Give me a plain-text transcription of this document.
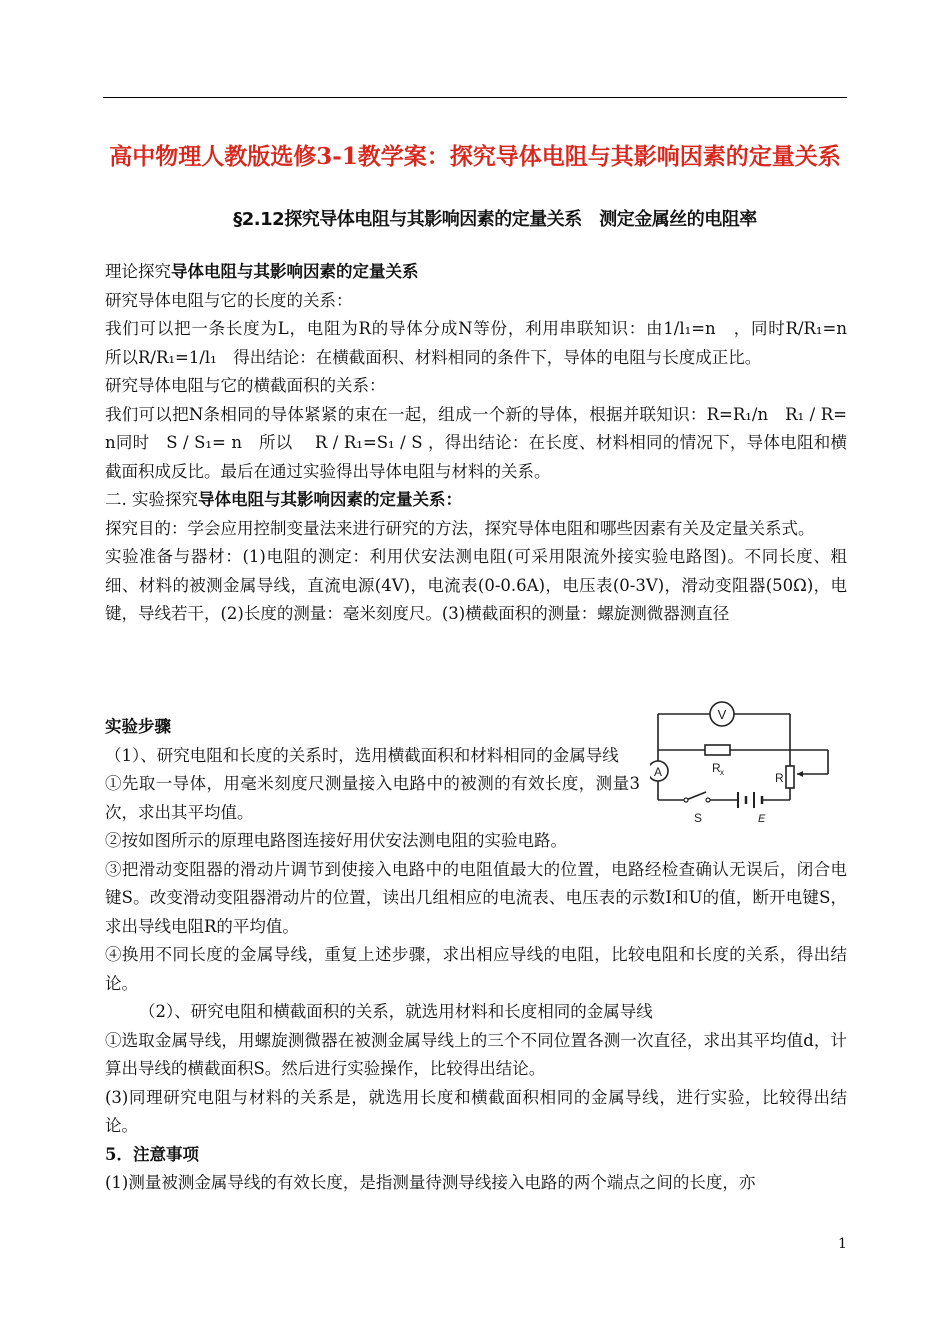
高中物理人教版选修3-1教学案：探究导体电阻与其影响因素的定量关系
§2.12探究导体电阻与其影响因素的定量关系　测定金属丝的电阻率

理论探究导体电阻与其影响因素的定量关系

研究导体电阻与它的长度的关系：

我们可以把一条长度为L，电阻为R的导体分成N等份，利用串联知识：由1/l₁=n　，同时R/R₁=n　 所以R/R₁=1/l₁　得出结论：在横截面积、材料相同的条件下，导体的电阻与长度成正比。

研究导体电阻与它的横截面积的关系：

我们可以把N条相同的导体紧紧的束在一起，组成一个新的导体，根据并联知识：R=R₁/n　R₁ / R= n同时　S / S₁= n　所以　 R / R₁=S₁ / S ，得出结论：在长度、材料相同的情况下，导体电阻和横截面积成反比。最后在通过实验得出导体电阻与材料的关系。

二. 实验探究导体电阻与其影响因素的定量关系：

探究目的：学会应用控制变量法来进行研究的方法，探究导体电阻和哪些因素有关及定量关系式。

实验准备与器材：(1)电阻的测定：利用伏安法测电阻(可采用限流外接实验电路图)。不同长度、粗细、材料的被测金属导线，直流电源(4V)，电流表(0-0.6A)，电压表(0-3V)，滑动变阻器(50Ω)，电键，导线若干，(2)长度的测量：毫米刻度尺。(3)横截面积的测量：螺旋测微器测直径

实验步骤

（1）、研究电阻和长度的关系时，选用横截面积和材料相同的金属导线

①先取一导体，用毫米刻度尺测量接入电路中的被测的有效长度，测量3次，求出其平均值。

②按如图所示的原理电路图连接好用伏安法测电阻的实验电路。

③把滑动变阻器的滑动片调节到使接入电路中的电阻值最大的位置，电路经检查确认无误后，闭合电键S。改变滑动变阻器滑动片的位置，读出几组相应的电流表、电压表的示数I和U的值，断开电键S，求出导线电阻R的平均值。

④换用不同长度的金属导线，重复上述步骤，求出相应导线的电阻，比较电阻和长度的关系，得出结论。

（2）、研究电阻和横截面积的关系，就选用材料和长度相同的金属导线

①选取金属导线，用螺旋测微器在被测金属导线上的三个不同位置各测一次直径，求出其平均值d，计算出导线的横截面积S。然后进行实验操作，比较得出结论。

(3)同理研究电阻与材料的关系是，就选用长度和横截面积相同的金属导线，进行实验，比较得出结论。

5．注意事项

(1)测量被测金属导线的有效长度，是指测量待测导线接入电路的两个端点之间的长度，亦

V
A	R x	R
S	E
1
